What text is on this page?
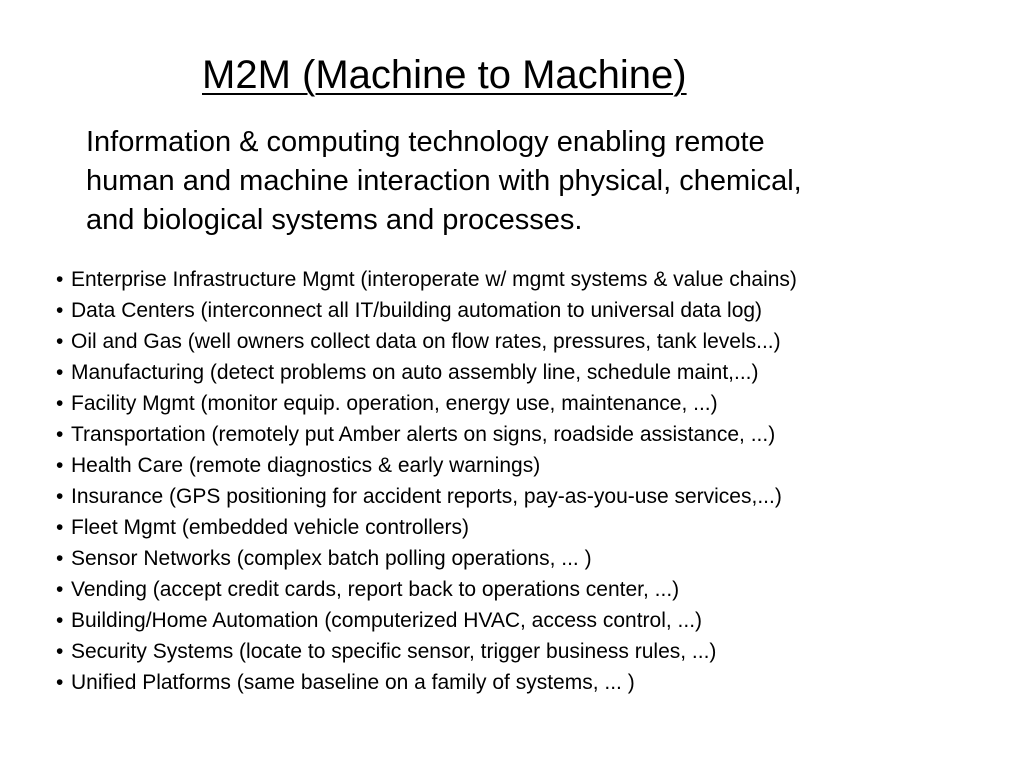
M2M (Machine to Machine)
Information & computing technology enabling remote
human and machine interaction with physical, chemical,
and biological systems and processes.
• Enterprise Infrastructure Mgmt (interoperate w/ mgmt systems & value chains)
• Data Centers (interconnect all IT/building automation to universal data log)
• Oil and Gas (well owners collect data on flow rates, pressures, tank levels...)
• Manufacturing (detect problems on auto assembly line, schedule maint,...)
• Facility Mgmt (monitor equip. operation, energy use, maintenance, ...)
• Transportation (remotely put Amber alerts on signs, roadside assistance, ...)
• Health Care (remote diagnostics & early warnings)
• Insurance (GPS positioning for accident reports, pay-as-you-use services,...)
• Fleet Mgmt (embedded vehicle controllers)
• Sensor Networks (complex batch polling operations, ... )
• Vending (accept credit cards, report back to operations center, ...)
• Building/Home Automation (computerized HVAC, access control, ...)
• Security Systems (locate to specific sensor, trigger business rules, ...)
• Unified Platforms (same baseline on a family of systems, ... )
